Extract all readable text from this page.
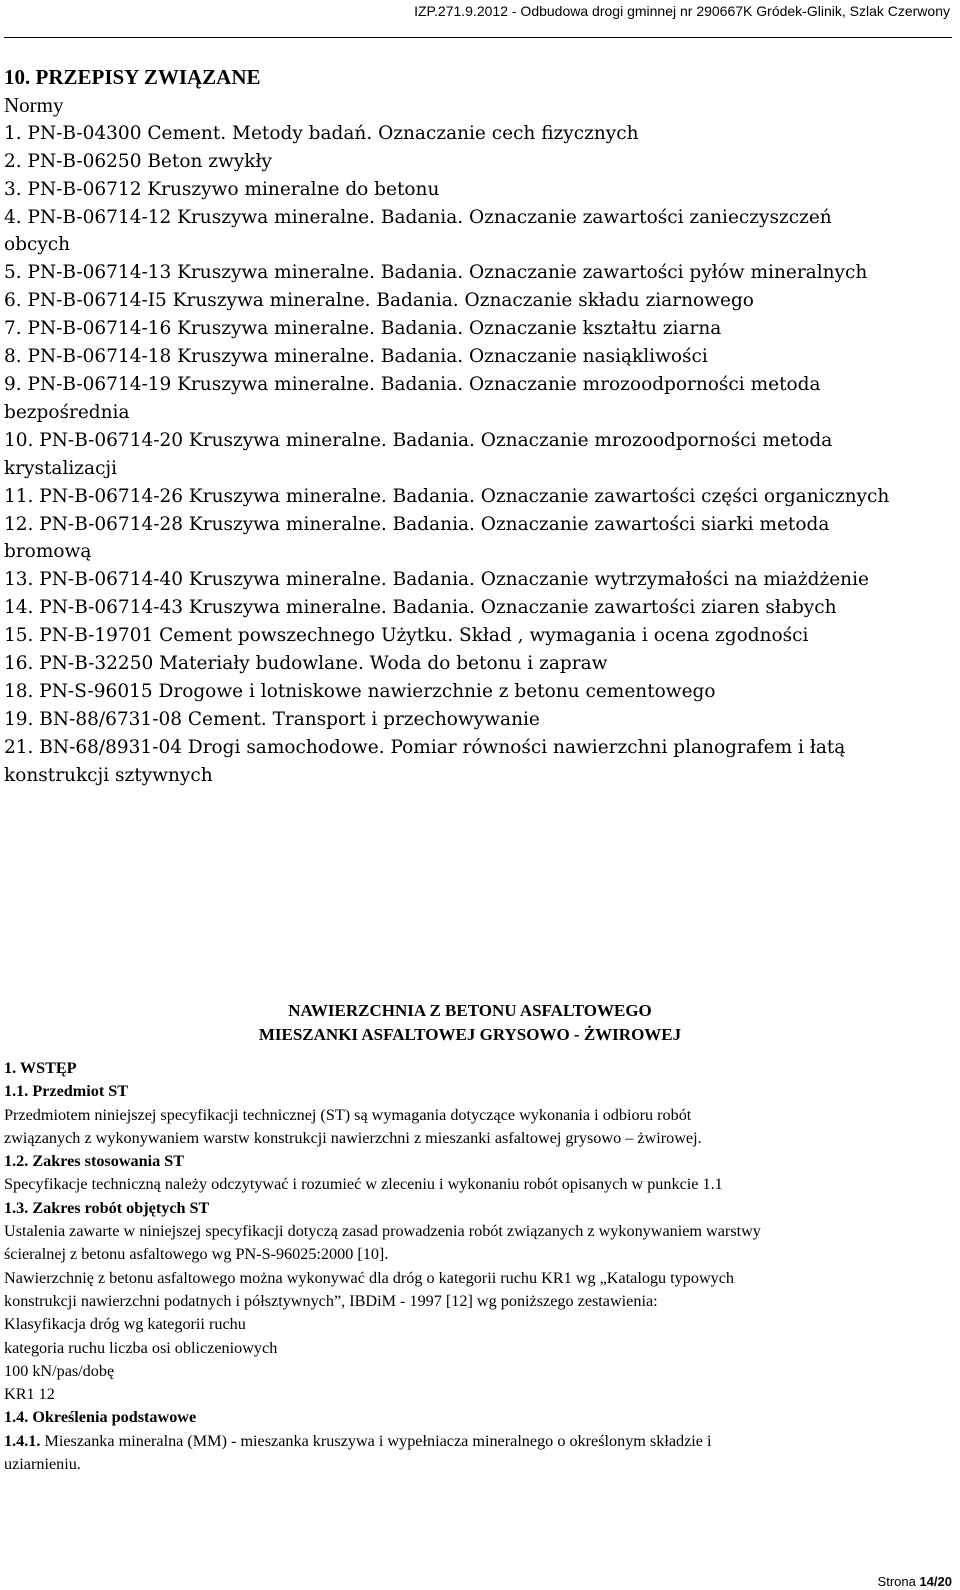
IZP.271.9.2012 - Odbudowa drogi gminnej nr 290667K Gródek-Glinik, Szlak Czerwony
10. PRZEPISY ZWIĄZANE
Normy
1. PN-B-04300 Cement. Metody badań. Oznaczanie cech fizycznych
2. PN-B-06250 Beton zwykły
3. PN-B-06712 Kruszywo mineralne do betonu
4. PN-B-06714-12 Kruszywa mineralne. Badania. Oznaczanie zawartości zanieczyszczeń
obcych
5. PN-B-06714-13 Kruszywa mineralne. Badania. Oznaczanie zawartości pyłów mineralnych
6. PN-B-06714-I5 Kruszywa mineralne. Badania. Oznaczanie składu ziarnowego
7. PN-B-06714-16 Kruszywa mineralne. Badania. Oznaczanie kształtu ziarna
8. PN-B-06714-18 Kruszywa mineralne. Badania. Oznaczanie nasiąkliwości
9. PN-B-06714-19 Kruszywa mineralne. Badania. Oznaczanie mrozoodporności metoda
bezpośrednia
10. PN-B-06714-20 Kruszywa mineralne. Badania. Oznaczanie mrozoodporności metoda
krystalizacji
11. PN-B-06714-26 Kruszywa mineralne. Badania. Oznaczanie zawartości części organicznych
12. PN-B-06714-28 Kruszywa mineralne. Badania. Oznaczanie zawartości siarki metoda
bromową
13. PN-B-06714-40 Kruszywa mineralne. Badania. Oznaczanie wytrzymałości na miażdżenie
14. PN-B-06714-43 Kruszywa mineralne. Badania. Oznaczanie zawartości ziaren słabych
15. PN-B-19701 Cement powszechnego Użytku. Skład , wymagania i ocena zgodności
16. PN-B-32250 Materiały budowlane. Woda do betonu i zapraw
18. PN-S-96015 Drogowe i lotniskowe nawierzchnie z betonu cementowego
19. BN-88/6731-08 Cement. Transport i przechowywanie
21. BN-68/8931-04 Drogi samochodowe. Pomiar równości nawierzchni planografem i łatą
konstrukcji sztywnych
NAWIERZCHNIA Z BETONU ASFALTOWEGO
MIESZANKI ASFALTOWEJ GRYSOWO - ŻWIROWEJ
1. WSTĘP
1.1. Przedmiot ST
Przedmiotem niniejszej specyfikacji technicznej (ST) są wymagania dotyczące wykonania i odbioru robót
związanych z wykonywaniem warstw konstrukcji nawierzchni z mieszanki asfaltowej grysowo – żwirowej.
1.2. Zakres stosowania ST
Specyfikacje techniczną należy odczytywać i rozumieć w zleceniu i wykonaniu robót opisanych w punkcie 1.1
1.3. Zakres robót objętych ST
Ustalenia zawarte w niniejszej specyfikacji dotyczą zasad prowadzenia robót związanych z wykonywaniem warstwy
ścieralnej z betonu asfaltowego wg PN-S-96025:2000 [10].
Nawierzchnię z betonu asfaltowego można wykonywać dla dróg o kategorii ruchu KR1 wg „Katalogu typowych
konstrukcji nawierzchni podatnych i półsztywnych”, IBDiM - 1997 [12] wg poniższego zestawienia:
Klasyfikacja dróg wg kategorii ruchu
kategoria ruchu liczba osi obliczeniowych
100 kN/pas/dobę
KR1 12
1.4. Określenia podstawowe
1.4.1. Mieszanka mineralna (MM) - mieszanka kruszywa i wypełniacza mineralnego o określonym składzie i
uziarnieniu.
Strona 14/20
